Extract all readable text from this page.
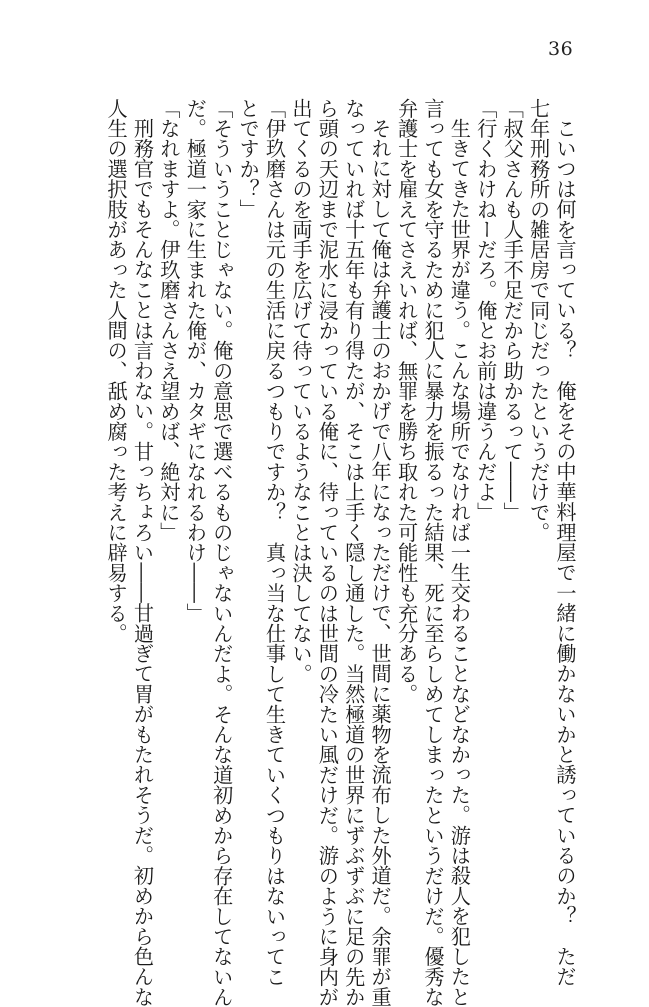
36
こいつは何を言っている？　俺をその中華料理屋で一緒に働かないかと誘っているのか？　ただ
七年刑務所の雑居房で同じだったというだけで。
「叔父さんも人手不足だから助かるって――」
「行くわけねーだろ。俺とお前は違うんだよ」
生きてきた世界が違う。こんな場所でなければ一生交わることなどなかった。游は殺人を犯したと
言っても女を守るために犯人に暴力を振るった結果、死に至らしめてしまったというだけだ。優秀な
弁護士を雇えてさえいれば、無罪を勝ち取れた可能性も充分ある。
それに対して俺は弁護士のおかげで八年になっただけで、世間に薬物を流布した外道だ。余罪が重
なっていれば十五年も有り得たが、そこは上手く隠し通した。当然極道の世界にずぶずぶに足の先か
ら頭の天辺まで泥水に浸かっている俺に、待っているのは世間の冷たい風だけだ。游のように身内が
出てくるのを両手を広げて待っているようなことは決してない。
「伊玖磨さんは元の生活に戻るつもりですか？　真っ当な仕事して生きていくつもりはないってこ
とですか？」
「そういうことじゃない。俺の意思で選べるものじゃないんだよ。そんな道初めから存在してないん
だ。極道一家に生まれた俺が、カタギになれるわけ――」
「なれますよ。伊玖磨さんさえ望めば、絶対に」
刑務官でもそんなことは言わない。甘っちょろい――甘過ぎて胃がもたれそうだ。初めから色んな
人生の選択肢があった人間の、舐め腐った考えに辟易する。
